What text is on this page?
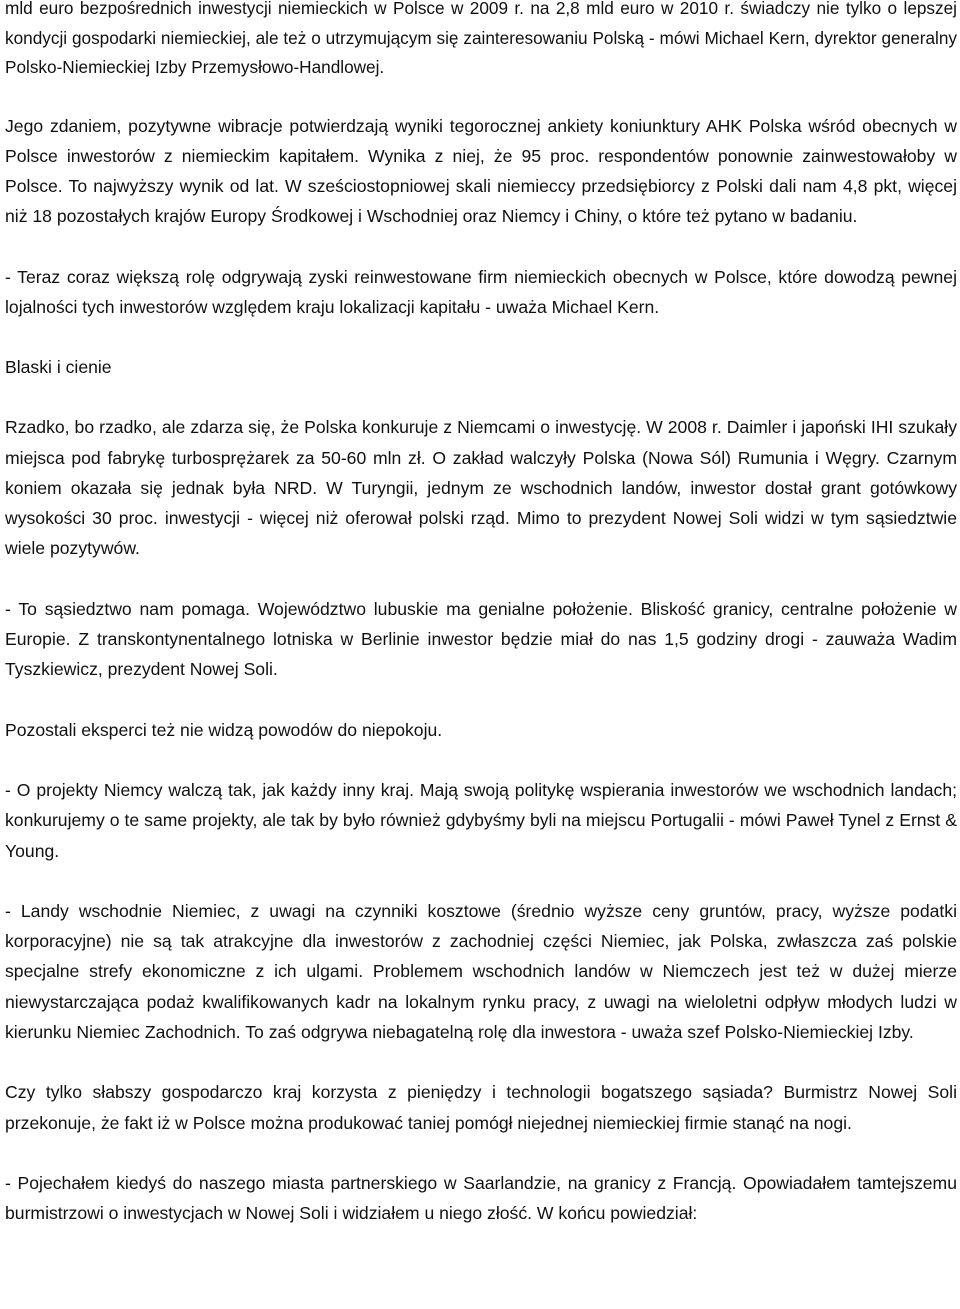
mld euro bezpośrednich inwestycji niemieckich w Polsce w 2009 r. na 2,8 mld euro w 2010 r. świadczy nie tylko o lepszej kondycji gospodarki niemieckiej, ale też o utrzymującym się zainteresowaniu Polską - mówi Michael Kern, dyrektor generalny Polsko-Niemieckiej Izby Przemysłowo-Handlowej.

Jego zdaniem, pozytywne wibracje potwierdzają wyniki tegorocznej ankiety koniunktury AHK Polska wśród obecnych w Polsce inwestorów z niemieckim kapitałem. Wynika z niej, że 95 proc. respondentów ponownie zainwestowałoby w Polsce. To najwyższy wynik od lat. W sześciostopniowej skali niemieccy przedsiębiorcy z Polski dali nam 4,8 pkt, więcej niż 18 pozostałych krajów Europy Środkowej i Wschodniej oraz Niemcy i Chiny, o które też pytano w badaniu.

- Teraz coraz większą rolę odgrywają zyski reinwestowane firm niemieckich obecnych w Polsce, które dowodzą pewnej lojalności tych inwestorów względem kraju lokalizacji kapitału - uważa Michael Kern.

Blaski i cienie

Rzadko, bo rzadko, ale zdarza się, że Polska konkuruje z Niemcami o inwestycję. W 2008 r. Daimler i japoński IHI szukały miejsca pod fabrykę turbosprężarek za 50-60 mln zł. O zakład walczyły Polska (Nowa Sól) Rumunia i Węgry. Czarnym koniem okazała się jednak była NRD. W Turyngii, jednym ze wschodnich landów, inwestor dostał grant gotówkowy wysokości 30 proc. inwestycji - więcej niż oferował polski rząd. Mimo to prezydent Nowej Soli widzi w tym sąsiedztwie wiele pozytywów.

- To sąsiedztwo nam pomaga. Województwo lubuskie ma genialne położenie. Bliskość granicy, centralne położenie w Europie. Z transkontynentalnego lotniska w Berlinie inwestor będzie miał do nas 1,5 godziny drogi - zauważa Wadim Tyszkiewicz, prezydent Nowej Soli.

Pozostali eksperci też nie widzą powodów do niepokoju.

- O projekty Niemcy walczą tak, jak każdy inny kraj. Mają swoją politykę wspierania inwestorów we wschodnich landach; konkurujemy o te same projekty, ale tak by było również gdybyśmy byli na miejscu Portugalii - mówi Paweł Tynel z Ernst & Young.

- Landy wschodnie Niemiec, z uwagi na czynniki kosztowe (średnio wyższe ceny gruntów, pracy, wyższe podatki korporacyjne) nie są tak atrakcyjne dla inwestorów z zachodniej części Niemiec, jak Polska, zwłaszcza zaś polskie specjalne strefy ekonomiczne z ich ulgami. Problemem wschodnich landów w Niemczech jest też w dużej mierze niewystarczająca podaż kwalifikowanych kadr na lokalnym rynku pracy, z uwagi na wieloletni odpływ młodych ludzi w kierunku Niemiec Zachodnich. To zaś odgrywa niebagatelną rolę dla inwestora - uważa szef Polsko-Niemieckiej Izby.

Czy tylko słabszy gospodarczo kraj korzysta z pieniędzy i technologii bogatszego sąsiada? Burmistrz Nowej Soli przekonuje, że fakt iż w Polsce można produkować taniej pomógł niejednej niemieckiej firmie stanąć na nogi.

- Pojechałem kiedyś do naszego miasta partnerskiego w Saarlandzie, na granicy z Francją. Opowiadałem tamtejszemu burmistrzowi o inwestycjach w Nowej Soli i widziałem u niego złość. W końcu powiedział:
